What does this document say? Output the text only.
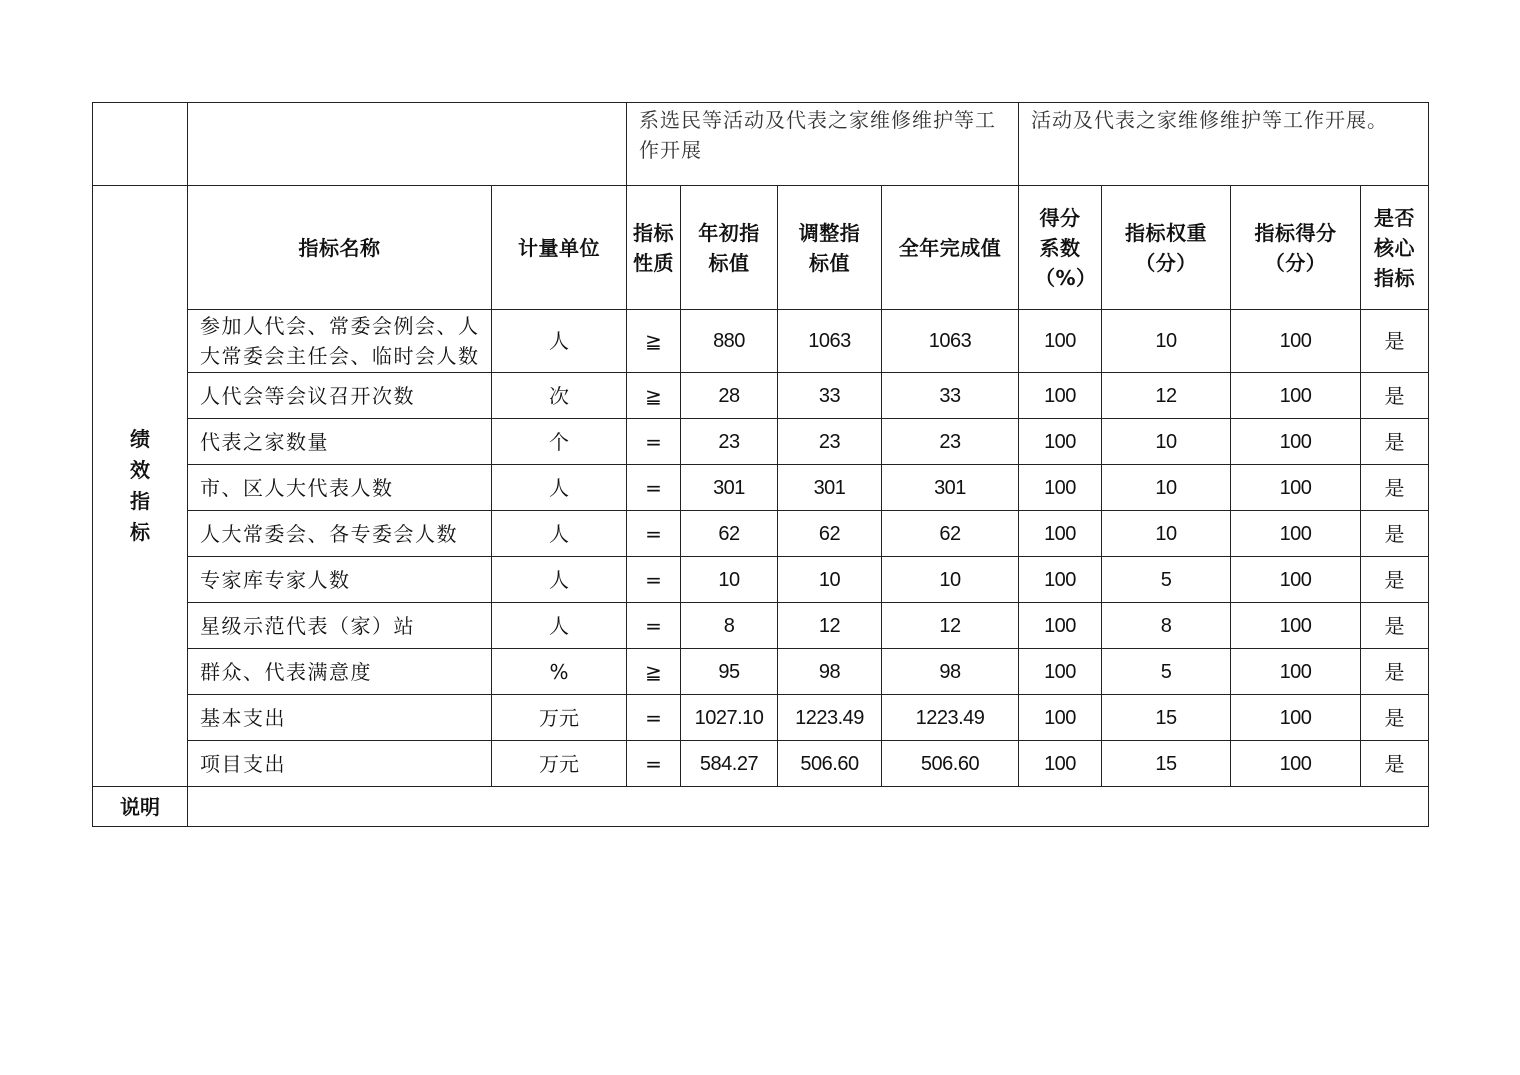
			系选民等活动及代表之家维修维护等工作开展				活动及代表之家维修维护等工作开展。			

绩
效
指
标	指标名称	计量单位	指标性质	年初指标值	调整指标值	全年完成值	得分系数（%）	指标权重（分）	指标得分（分）	是否核心指标
	参加人代会、常委会例会、人大常委会主任会、临时会人数	人	≧	880	1063	1063	100	10	100	是
	人代会等会议召开次数	次	≧	28	33	33	100	12	100	是
	代表之家数量	个	=	23	23	23	100	10	100	是
	市、区人大代表人数	人	=	301	301	301	100	10	100	是
	人大常委会、各专委会人数	人	=	62	62	62	100	10	100	是
	专家库专家人数	人	=	10	10	10	100	5	100	是
	星级示范代表（家）站	人	=	8	12	12	100	8	100	是
	群众、代表满意度	%	≧	95	98	98	100	5	100	是
	基本支出	万元	=	1027.10	1223.49	1223.49	100	15	100	是
	项目支出	万元	=	584.27	506.60	506.60	100	15	100	是
说明										
